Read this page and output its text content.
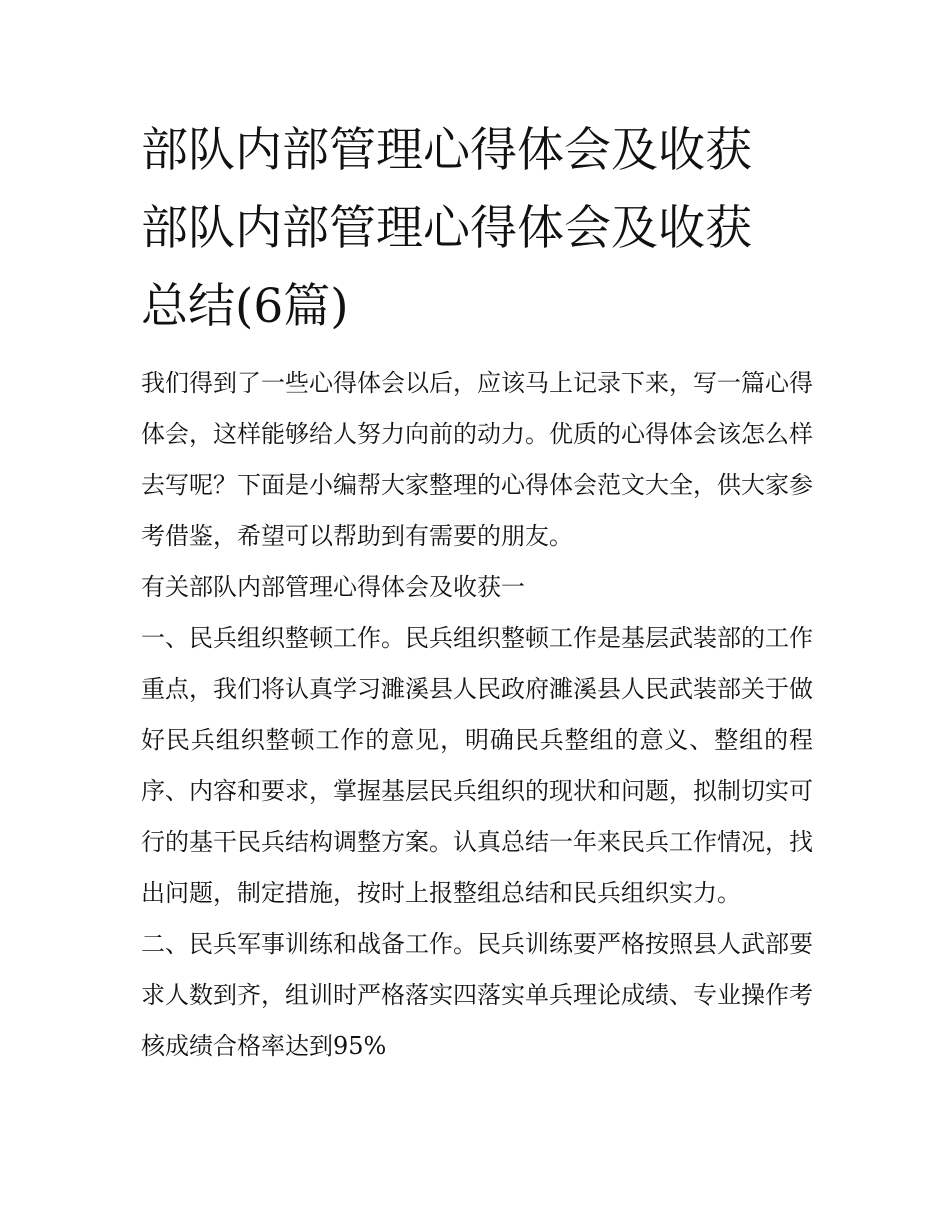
部队内部管理心得体会及收获
部队内部管理心得体会及收获
总结(6篇)

我们得到了一些心得体会以后，应该马上记录下来，写一篇心得体会，这样能够给人努力向前的动力。优质的心得体会该怎么样去写呢？下面是小编帮大家整理的心得体会范文大全，供大家参考借鉴，希望可以帮助到有需要的朋友。

有关部队内部管理心得体会及收获一

一、民兵组织整顿工作。民兵组织整顿工作是基层武装部的工作重点，我们将认真学习濉溪县人民政府濉溪县人民武装部关于做好民兵组织整顿工作的意见，明确民兵整组的意义、整组的程序、内容和要求，掌握基层民兵组织的现状和问题，拟制切实可行的基干民兵结构调整方案。认真总结一年来民兵工作情况，找出问题，制定措施，按时上报整组总结和民兵组织实力。

二、民兵军事训练和战备工作。民兵训练要严格按照县人武部要求人数到齐，组训时严格落实四落实单兵理论成绩、专业操作考核成绩合格率达到95%
